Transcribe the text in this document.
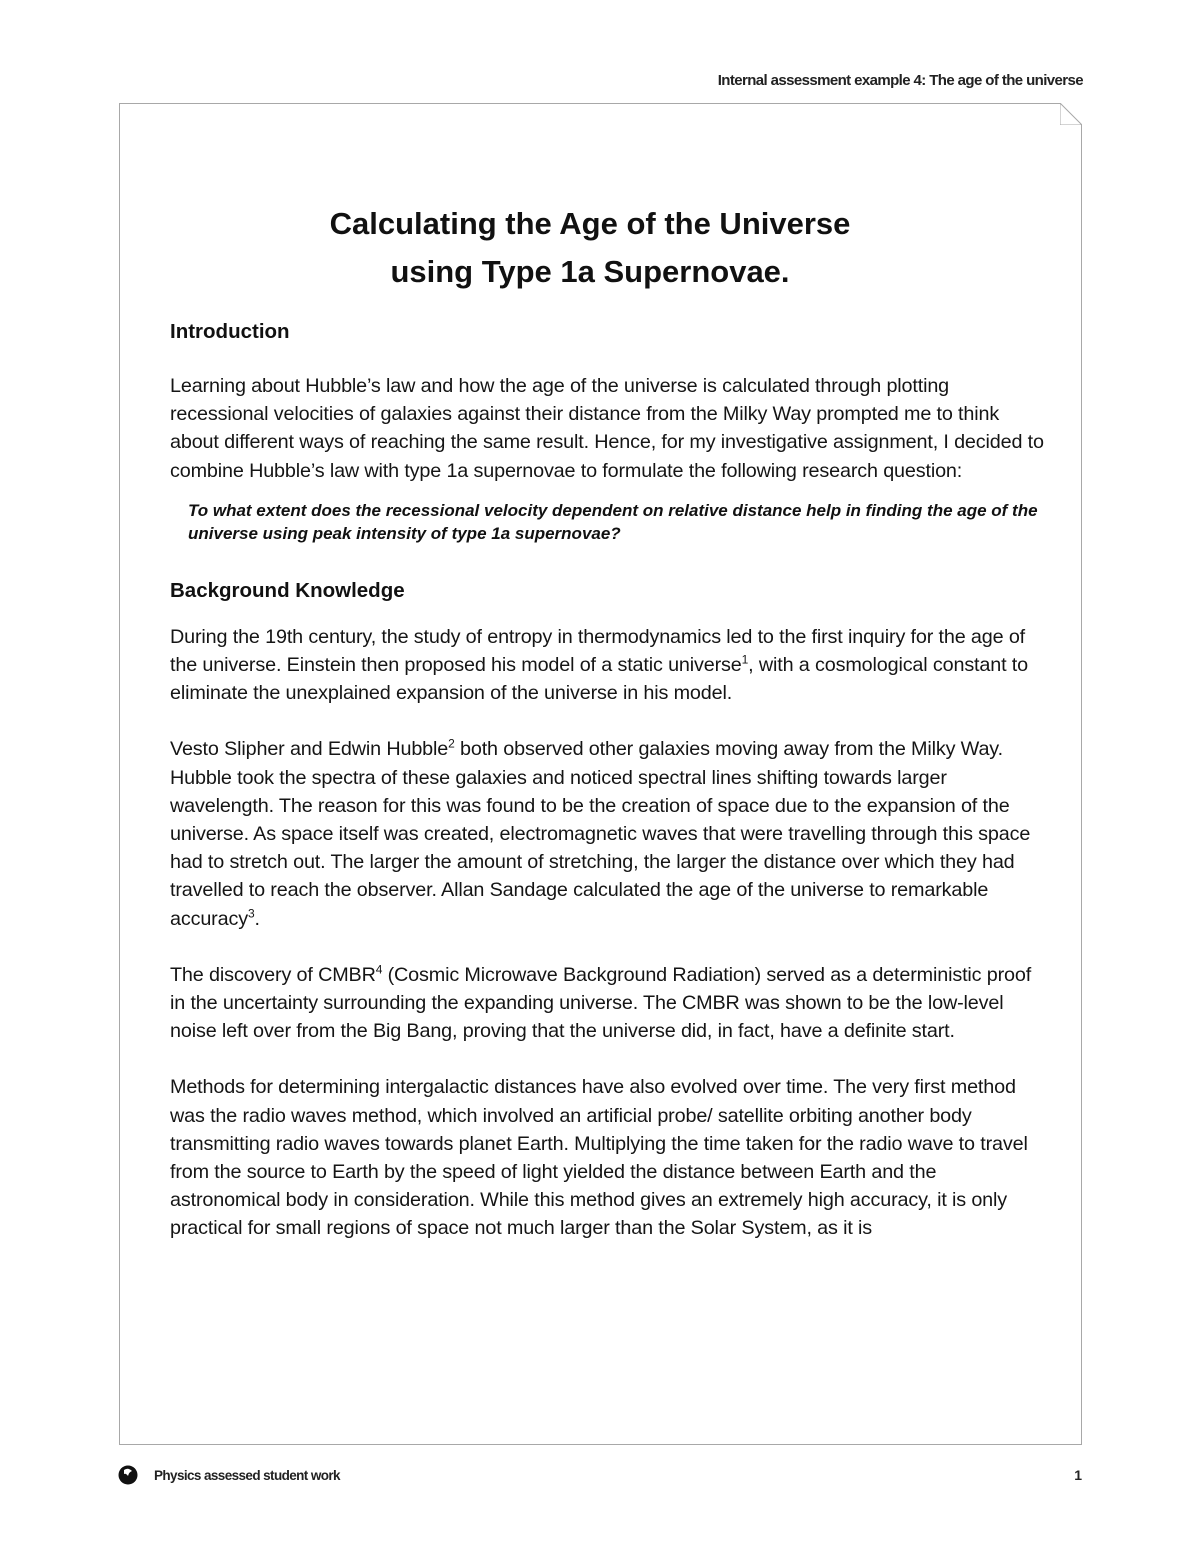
Internal assessment example 4: The age of the universe
Calculating the Age of the Universe
using Type 1a Supernovae.
Introduction

Learning about Hubble’s law and how the age of the universe is calculated through plotting recessional velocities of galaxies against their distance from the Milky Way prompted me to think about different ways of reaching the same result. Hence, for my investigative assignment, I decided to combine Hubble’s law with type 1a supernovae to formulate the following research question:

To what extent does the recessional velocity dependent on relative distance help in finding the age of the universe using peak intensity of type 1a supernovae?

Background Knowledge

During the 19th century, the study of entropy in thermodynamics led to the first inquiry for the age of the universe. Einstein then proposed his model of a static universe$^1$, with a cosmological constant to eliminate the unexplained expansion of the universe in his model.

Vesto Slipher and Edwin Hubble$^2$ both observed other galaxies moving away from the Milky Way. Hubble took the spectra of these galaxies and noticed spectral lines shifting towards larger wavelength. The reason for this was found to be the creation of space due to the expansion of the universe. As space itself was created, electromagnetic waves that were travelling through this space had to stretch out. The larger the amount of stretching, the larger the distance over which they had travelled to reach the observer. Allan Sandage calculated the age of the universe to remarkable accuracy$^3$.

The discovery of CMBR$^4$ (Cosmic Microwave Background Radiation) served as a deterministic proof in the uncertainty surrounding the expanding universe. The CMBR was shown to be the low-level noise left over from the Big Bang, proving that the universe did, in fact, have a definite start.

Methods for determining intergalactic distances have also evolved over time. The very first method was the radio waves method, which involved an artificial probe/ satellite orbiting another body transmitting radio waves towards planet Earth. Multiplying the time taken for the radio wave to travel from the source to Earth by the speed of light yielded the distance between Earth and the astronomical body in consideration. While this method gives an extremely high accuracy, it is only practical for small regions of space not much larger than the Solar System, as it is

Physics assessed student work	1
